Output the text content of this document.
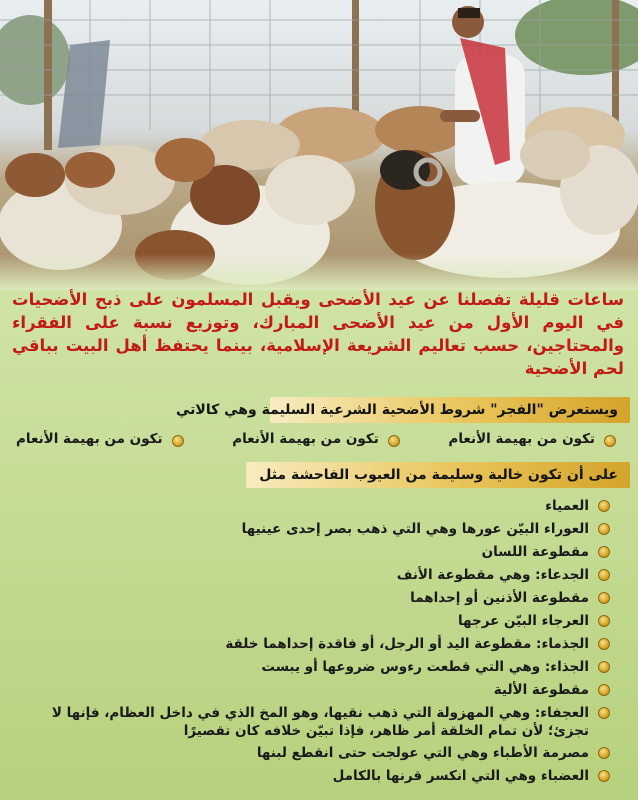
ساعات قليلة تفصلنا عن عيد الأضحى ويقبل المسلمون على ذبح الأضحيات في اليوم الأول من عيد الأضحى المبارك، وتوزيع نسبة على الفقراء والمحتاجين، حسب تعاليم الشريعة الإسلامية، بينما يحتفظ أهل البيت بباقي لحم الأضحية
ويستعرض "الفجر" شروط الأضحية الشرعية السليمة وهي كالاتي
تكون من بهيمة الأنعام
تكون من بهيمة الأنعام
تكون من بهيمة الأنعام
على أن تكون خالية وسليمة من العيوب الفاحشة مثل
العمياء
العوراء البيّن عورها وهي التي ذهب بصر إحدى عينيها
مقطوعة اللسان
الجدعاء: وهي مقطوعة الأنف
مقطوعة الأذنين أو إحداهما
العرجاء البيّن عرجها
الجذماء: مقطوعة اليد أو الرجل، أو فاقدة إحداهما خلقة
الجذاء: وهي التي قطعت رءوس ضروعها أو يبست
مقطوعة الألية
العجفاء: وهي المهزولة التي ذهب نقيها، وهو المخ الذي في داخل العظام، فإنها لا تجزئ؛ لأن تمام الخلقة أمر ظاهر، فإذا تبيّن خلافه كان تقصيرًا
مصرمة الأطباء وهي التي عولجت حتى انقطع لبنها
العضباء وهي التي انكسر قرنها بالكامل
